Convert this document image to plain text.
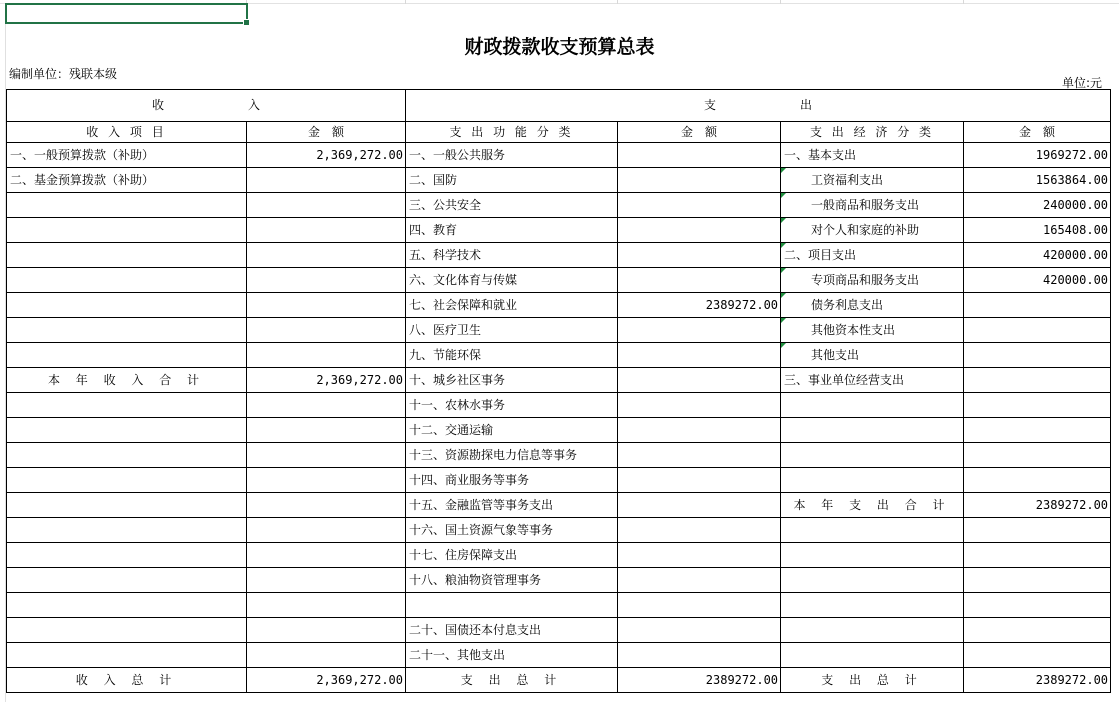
财政拨款收支预算总表
编制单位：残联本级
单位:元
收　　　　　　　入		支　　　　　　　出			
收 入 项 目	金　额	支 出 功 能 分 类	金　额	支 出 经 济 分 类	金　额
一、一般预算拨款（补助）	2,369,272.00	一、一般公共服务		一、基本支出	1969272.00
二、基金预算拨款（补助）		二、国防		工资福利支出	1563864.00
		三、公共安全		一般商品和服务支出	240000.00
		四、教育		对个人和家庭的补助	165408.00
		五、科学技术		二、项目支出	420000.00
		六、文化体育与传媒		专项商品和服务支出	420000.00
		七、社会保障和就业	2389272.00	债务利息支出	
		八、医疗卫生		其他资本性支出	
		九、节能环保		其他支出	
本 年 收 入 合 计	2,369,272.00	十、城乡社区事务		三、事业单位经营支出	
		十一、农林水事务			
		十二、交通运输			
		十三、资源勘探电力信息等事务			
		十四、商业服务等事务			
		十五、金融监管等事务支出		本 年 支 出 合 计	2389272.00
		十六、国土资源气象等事务			
		十七、住房保障支出			
		十八、粮油物资管理事务			

		二十、国债还本付息支出			
		二十一、其他支出			
收 入 总 计	2,369,272.00	支 出 总 计	2389272.00	支 出 总 计	2389272.00
